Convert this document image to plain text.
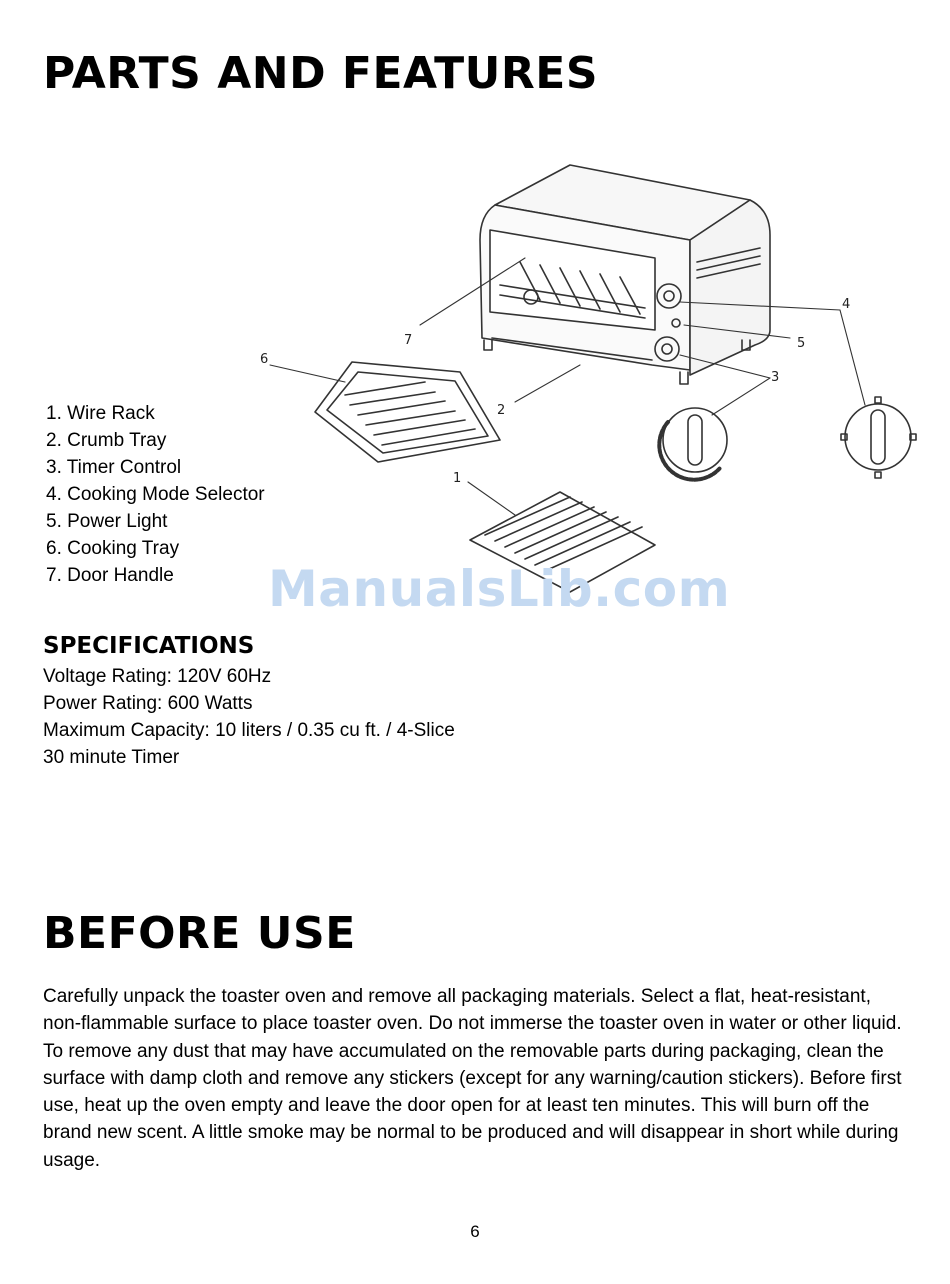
PARTS AND FEATURES
1
2
3
4
5
6
7
1. Wire Rack
2. Crumb Tray
3. Timer Control
4. Cooking Mode Selector
5. Power Light
6. Cooking Tray
7. Door Handle	ManualsLib.com
SPECIFICATIONS
Voltage Rating: 120V 60Hz
Power Rating: 600 Watts
Maximum Capacity: 10 liters / 0.35 cu ft. / 4-Slice
30 minute Timer
BEFORE USE

Carefully unpack the toaster oven and remove all packaging materials. Select a flat, heat-resistant, non-flammable surface to place toaster oven. Do not immerse the toaster oven in water or other liquid. To remove any dust that may have accumulated on the removable parts during packaging, clean the surface with damp cloth and remove any stickers (except for any warning/caution stickers). Before first use, heat up the oven empty and leave the door open for at least ten minutes. This will burn off the brand new scent. A little smoke may be normal to be produced and will disappear in short while during usage.

6
